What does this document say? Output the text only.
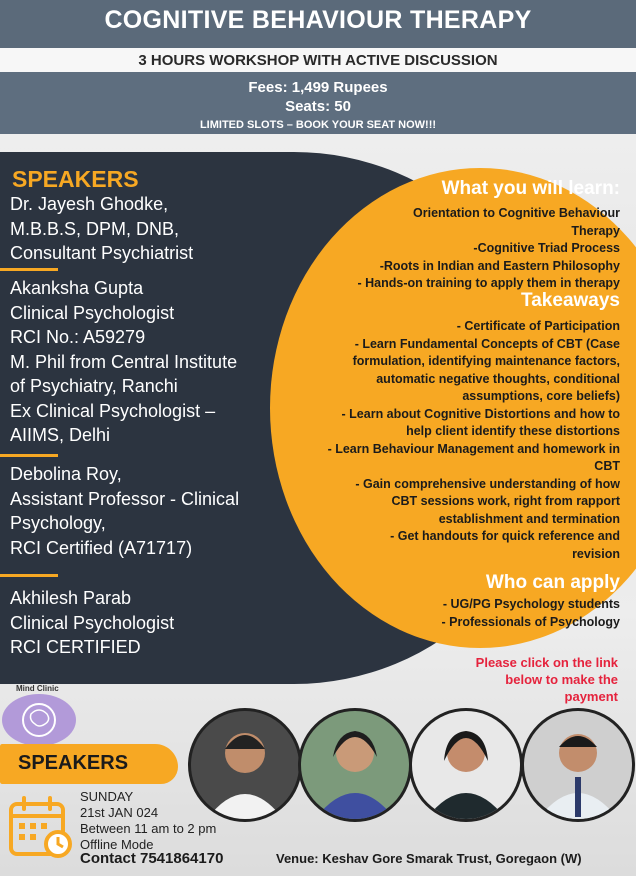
COGNITIVE BEHAVIOUR THERAPY
3 HOURS WORKSHOP WITH ACTIVE DISCUSSION
Fees: 1,499 Rupees
Seats: 50
LIMITED SLOTS – BOOK YOUR SEAT NOW!!!
SPEAKERS
Dr. Jayesh Ghodke,
M.B.B.S, DPM, DNB,
Consultant Psychiatrist
Akanksha Gupta
Clinical Psychologist
RCI No.: A59279
M. Phil from Central Institute
of Psychiatry, Ranchi
Ex Clinical Psychologist –
AIIMS, Delhi
Debolina Roy,
Assistant Professor - Clinical
Psychology,
RCI Certified (A71717)
Akhilesh Parab
Clinical Psychologist
RCI CERTIFIED
What you will learn:
Orientation to Cognitive Behaviour
Therapy
-Cognitive Triad Process
-Roots in Indian and Eastern Philosophy
- Hands-on training to apply them in therapy
Takeaways
- Certificate of Participation
- Learn Fundamental Concepts of CBT (Case
formulation, identifying maintenance factors,
automatic negative thoughts, conditional
assumptions, core beliefs)
- Learn about Cognitive Distortions and how to
help client identify these distortions
- Learn Behaviour Management and homework in
CBT
- Gain comprehensive understanding of how
CBT sessions work, right from rapport
establishment and termination
- Get handouts for quick reference and
revision
Who can apply
- UG/PG Psychology students
- Professionals of Psychology
Please click on the link
below to make the
payment
Mind Clinic
SPEAKERS
SUNDAY
21st JAN 024
Between 11 am to 2 pm
Offline Mode
Contact 7541864170	Venue: Keshav Gore Smarak Trust, Goregaon (W)
